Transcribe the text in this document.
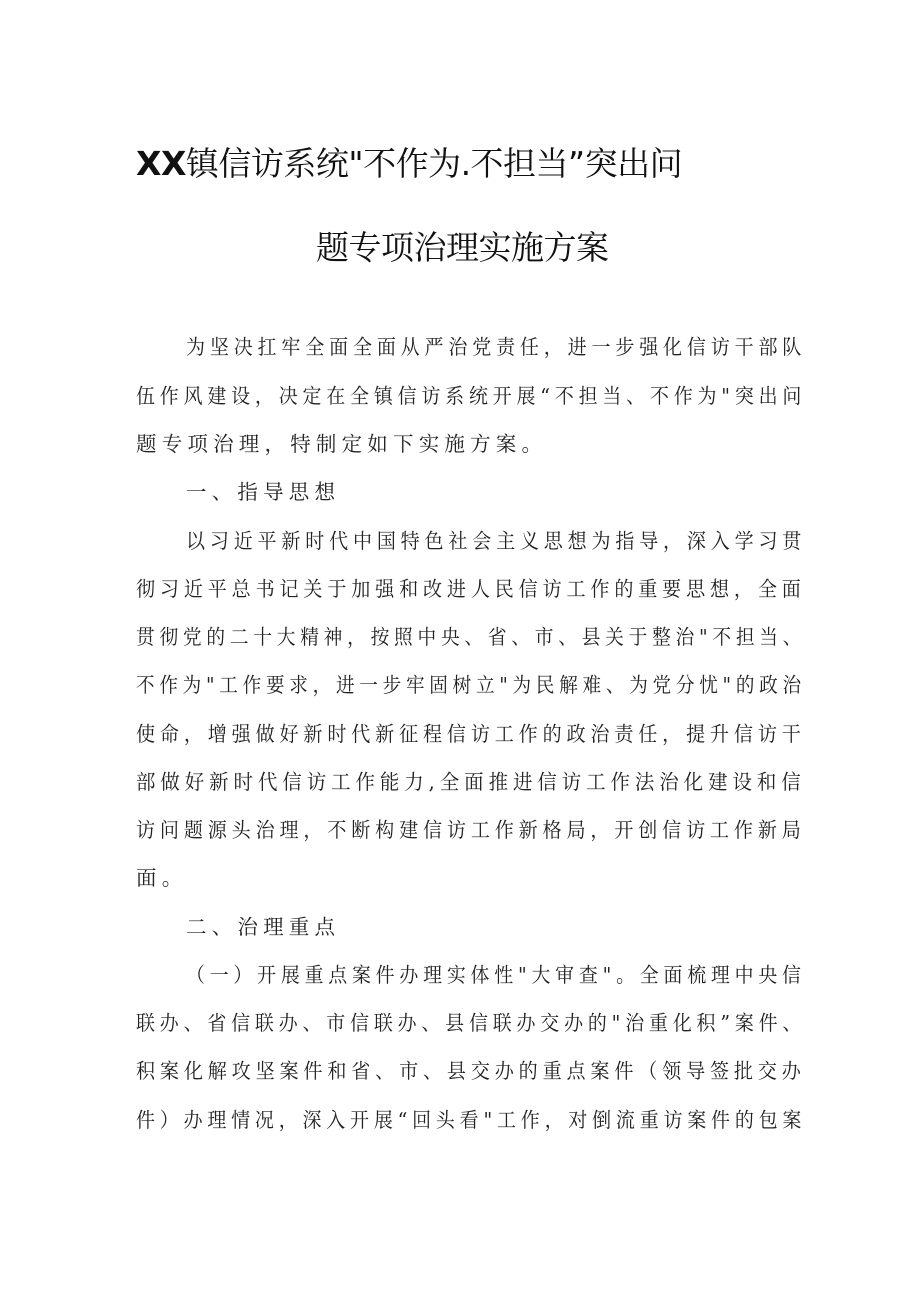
XX镇信访系统"不作为.不担当”突出问
题专项治理实施方案

为坚决扛牢全面全面从严治党责任，进一步强化信访干部队

伍作风建设，决定在全镇信访系统开展“不担当、不作为"突出问

题专项治理，特制定如下实施方案。

一、指导思想

以习近平新时代中国特色社会主义思想为指导，深入学习贯

彻习近平总书记关于加强和改进人民信访工作的重要思想，全面

贯彻党的二十大精神，按照中央、省、市、县关于整治"不担当、

不作为"工作要求，进一步牢固树立"为民解难、为党分忧"的政治

使命，增强做好新时代新征程信访工作的政治责任，提升信访干

部做好新时代信访工作能力,全面推进信访工作法治化建设和信

访问题源头治理，不断构建信访工作新格局，开创信访工作新局

面。

二、治理重点

（一）开展重点案件办理实体性"大审查"。全面梳理中央信

联办、省信联办、市信联办、县信联办交办的"治重化积”案件、

积案化解攻坚案件和省、市、县交办的重点案件（领导签批交办

件）办理情况，深入开展“回头看"工作，对倒流重访案件的包案
